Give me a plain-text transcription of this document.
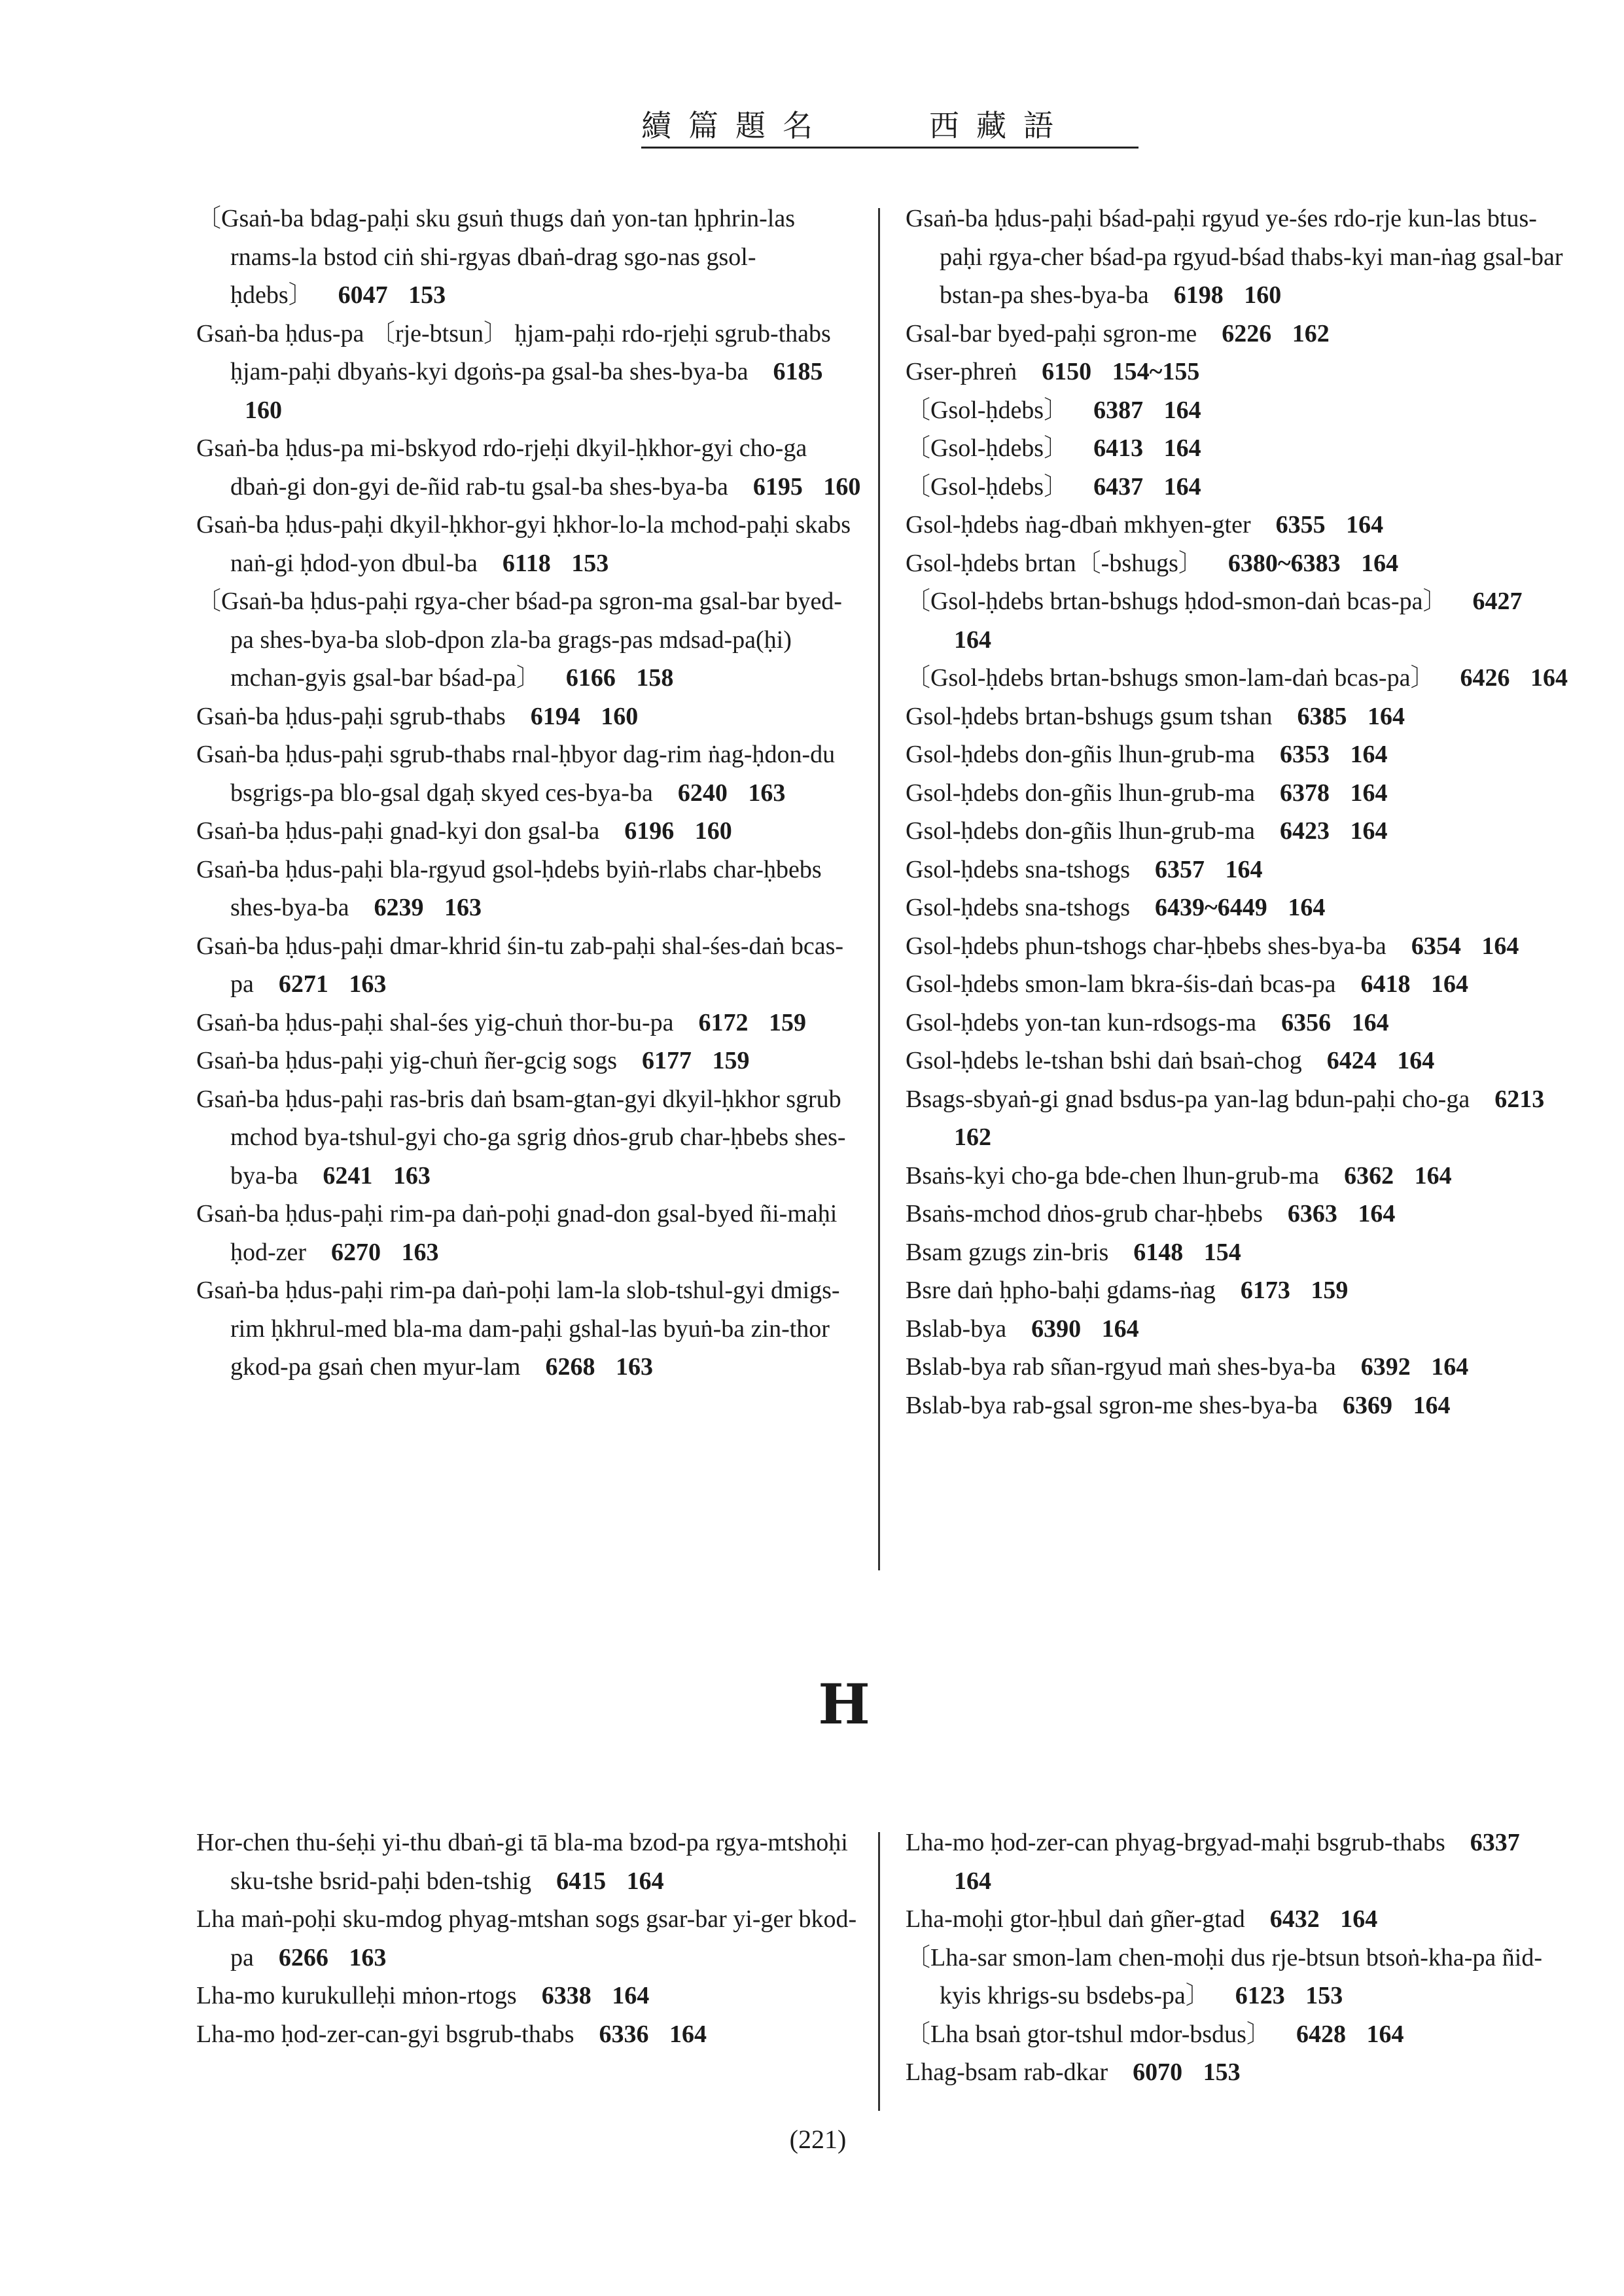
續篇題名	西藏語
〔Gsaṅ-ba bdag-paḥi sku gsuṅ thugs daṅ yon-tan ḥphrin-las rnams-la bstod ciṅ shi-rgyas dbaṅ-drag sgo-nas gsol-ḥdebs〕   6047 153
Gsaṅ-ba ḥdus-pa 〔rje-btsun〕 ḥjam-paḥi rdo-rjeḥi sgrub-thabs ḥjam-paḥi dbyaṅs-kyi dgoṅs-pa gsal-ba shes-bya-ba   6185 160
Gsaṅ-ba ḥdus-pa mi-bskyod rdo-rjeḥi dkyil-ḥkhor-gyi cho-ga dbaṅ-gi don-gyi de-ñid rab-tu gsal-ba shes-bya-ba   6195 160
Gsaṅ-ba ḥdus-paḥi dkyil-ḥkhor-gyi ḥkhor-lo-la mchod-paḥi skabs naṅ-gi ḥdod-yon dbul-ba   6118 153
〔Gsaṅ-ba ḥdus-paḥi rgya-cher bśad-pa sgron-ma gsal-bar byed-pa shes-bya-ba slob-dpon zla-ba grags-pas mdsad-pa(ḥi) mchan-gyis gsal-bar bśad-pa〕   6166 158
Gsaṅ-ba ḥdus-paḥi sgrub-thabs   6194 160
Gsaṅ-ba ḥdus-paḥi sgrub-thabs rnal-ḥbyor dag-rim ṅag-ḥdon-du bsgrigs-pa blo-gsal dgaḥ skyed ces-bya-ba   6240 163
Gsaṅ-ba ḥdus-paḥi gnad-kyi don gsal-ba   6196 160
Gsaṅ-ba ḥdus-paḥi bla-rgyud gsol-ḥdebs byiṅ-rlabs char-ḥbebs shes-bya-ba   6239 163
Gsaṅ-ba ḥdus-paḥi dmar-khrid śin-tu zab-paḥi shal-śes-daṅ bcas-pa   6271 163
Gsaṅ-ba ḥdus-paḥi shal-śes yig-chuṅ thor-bu-pa   6172 159
Gsaṅ-ba ḥdus-paḥi yig-chuṅ ñer-gcig sogs   6177 159
Gsaṅ-ba ḥdus-paḥi ras-bris daṅ bsam-gtan-gyi dkyil-ḥkhor sgrub mchod bya-tshul-gyi cho-ga sgrig dṅos-grub char-ḥbebs shes-bya-ba   6241 163
Gsaṅ-ba ḥdus-paḥi rim-pa daṅ-poḥi gnad-don gsal-byed ñi-maḥi ḥod-zer   6270 163
Gsaṅ-ba ḥdus-paḥi rim-pa daṅ-poḥi lam-la slob-tshul-gyi dmigs-rim ḥkhrul-med bla-ma dam-paḥi gshal-las byuṅ-ba zin-thor gkod-pa gsaṅ chen myur-lam   6268 163
Gsaṅ-ba ḥdus-paḥi bśad-paḥi rgyud ye-śes rdo-rje kun-las btus-paḥi rgya-cher bśad-pa rgyud-bśad thabs-kyi man-ṅag gsal-bar bstan-pa shes-bya-ba   6198 160
Gsal-bar byed-paḥi sgron-me   6226 162
Gser-phreṅ   6150 154~155
〔Gsol-ḥdebs〕   6387 164
〔Gsol-ḥdebs〕   6413 164
〔Gsol-ḥdebs〕   6437 164
Gsol-ḥdebs ṅag-dbaṅ mkhyen-gter   6355 164
Gsol-ḥdebs brtan〔-bshugs〕   6380~6383 164
〔Gsol-ḥdebs brtan-bshugs ḥdod-smon-daṅ bcas-pa〕   6427 164
〔Gsol-ḥdebs brtan-bshugs smon-lam-daṅ bcas-pa〕   6426 164
Gsol-ḥdebs brtan-bshugs gsum tshan   6385 164
Gsol-ḥdebs don-gñis lhun-grub-ma   6353 164
Gsol-ḥdebs don-gñis lhun-grub-ma   6378 164
Gsol-ḥdebs don-gñis lhun-grub-ma   6423 164
Gsol-ḥdebs sna-tshogs   6357 164
Gsol-ḥdebs sna-tshogs   6439~6449 164
Gsol-ḥdebs phun-tshogs char-ḥbebs shes-bya-ba   6354 164
Gsol-ḥdebs smon-lam bkra-śis-daṅ bcas-pa   6418 164
Gsol-ḥdebs yon-tan kun-rdsogs-ma   6356 164
Gsol-ḥdebs le-tshan bshi daṅ bsaṅ-chog   6424 164
Bsags-sbyaṅ-gi gnad bsdus-pa yan-lag bdun-paḥi cho-ga   6213 162
Bsaṅs-kyi cho-ga bde-chen lhun-grub-ma   6362 164
Bsaṅs-mchod dṅos-grub char-ḥbebs   6363 164
Bsam gzugs zin-bris   6148 154
Bsre daṅ ḥpho-baḥi gdams-ṅag   6173 159
Bslab-bya   6390 164
Bslab-bya rab sñan-rgyud maṅ shes-bya-ba   6392 164
Bslab-bya rab-gsal sgron-me shes-bya-ba   6369 164
H
Hor-chen thu-śeḥi yi-thu dbaṅ-gi tā bla-ma bzod-pa rgya-mtshoḥi sku-tshe bsrid-paḥi bden-tshig   6415 164
Lha maṅ-poḥi sku-mdog phyag-mtshan sogs gsar-bar yi-ger bkod-pa   6266 163
Lha-mo kurukulleḥi mṅon-rtogs   6338 164
Lha-mo ḥod-zer-can-gyi bsgrub-thabs   6336 164
Lha-mo ḥod-zer-can phyag-brgyad-maḥi bsgrub-thabs   6337 164
Lha-moḥi gtor-ḥbul daṅ gñer-gtad   6432 164
〔Lha-sar smon-lam chen-moḥi dus rje-btsun btsoṅ-kha-pa ñid-kyis khrigs-su bsdebs-pa〕   6123 153
〔Lha bsaṅ gtor-tshul mdor-bsdus〕   6428 164
Lhag-bsam rab-dkar   6070 153
(221)
